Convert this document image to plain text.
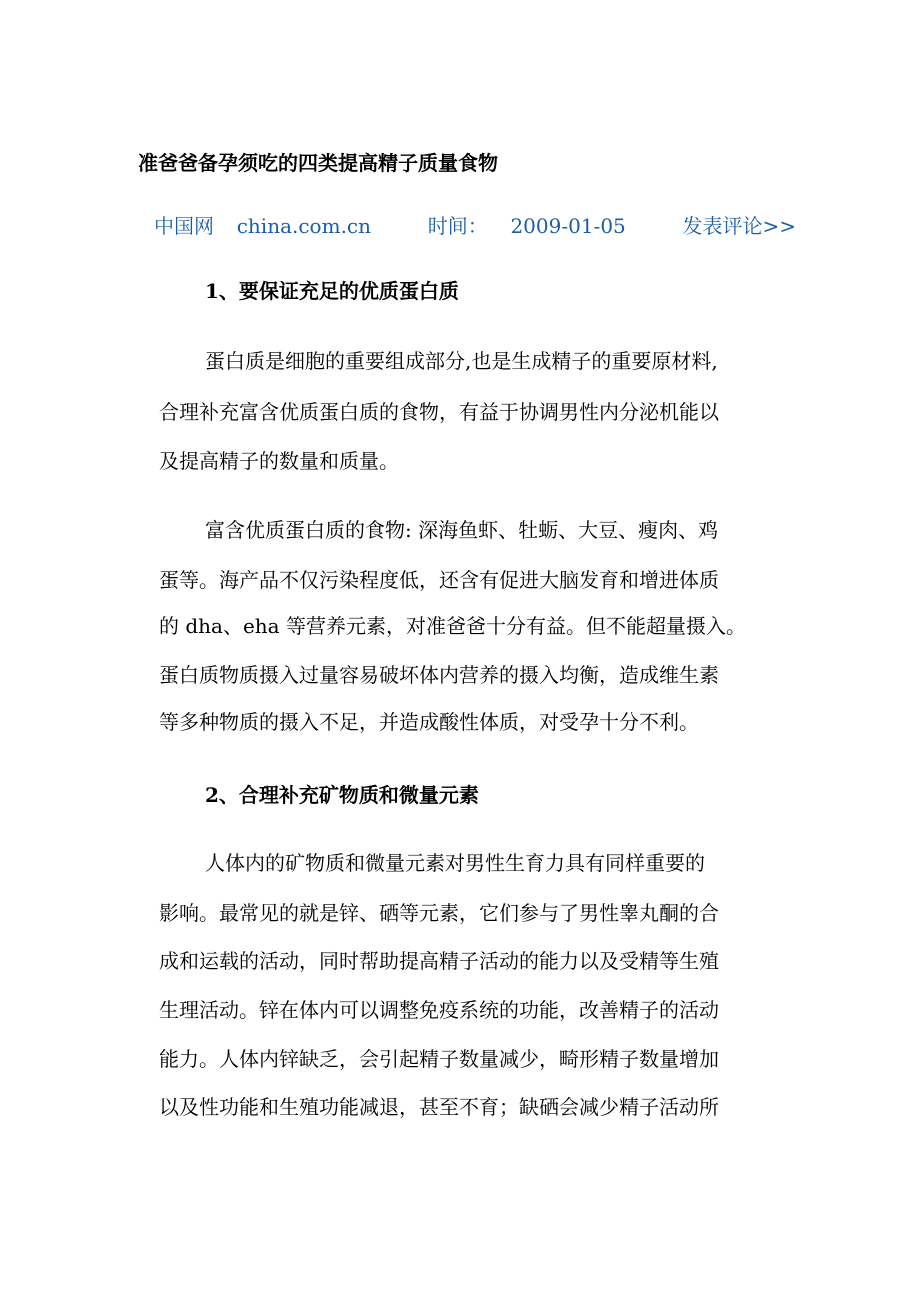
准爸爸备孕须吃的四类提高精子质量食物
中国网 china.com.cn	时间： 2009-01-05	发表评论>>
1、要保证充足的优质蛋白质
蛋白质是细胞的重要组成部分,也是生成精子的重要原材料,
合理补充富含优质蛋白质的食物，有益于协调男性内分泌机能以
及提高精子的数量和质量。
富含优质蛋白质的食物: 深海鱼虾、牡蛎、大豆、瘦肉、鸡
蛋等。海产品不仅污染程度低，还含有促进大脑发育和增进体质
的 dha、eha 等营养元素，对准爸爸十分有益。但不能超量摄入。
蛋白质物质摄入过量容易破坏体内营养的摄入均衡，造成维生素
等多种物质的摄入不足，并造成酸性体质，对受孕十分不利。
2、合理补充矿物质和微量元素
人体内的矿物质和微量元素对男性生育力具有同样重要的
影响。最常见的就是锌、硒等元素，它们参与了男性睾丸酮的合
成和运载的活动，同时帮助提高精子活动的能力以及受精等生殖
生理活动。锌在体内可以调整免疫系统的功能，改善精子的活动
能力。人体内锌缺乏，会引起精子数量减少，畸形精子数量增加
以及性功能和生殖功能减退，甚至不育；缺硒会减少精子活动所
